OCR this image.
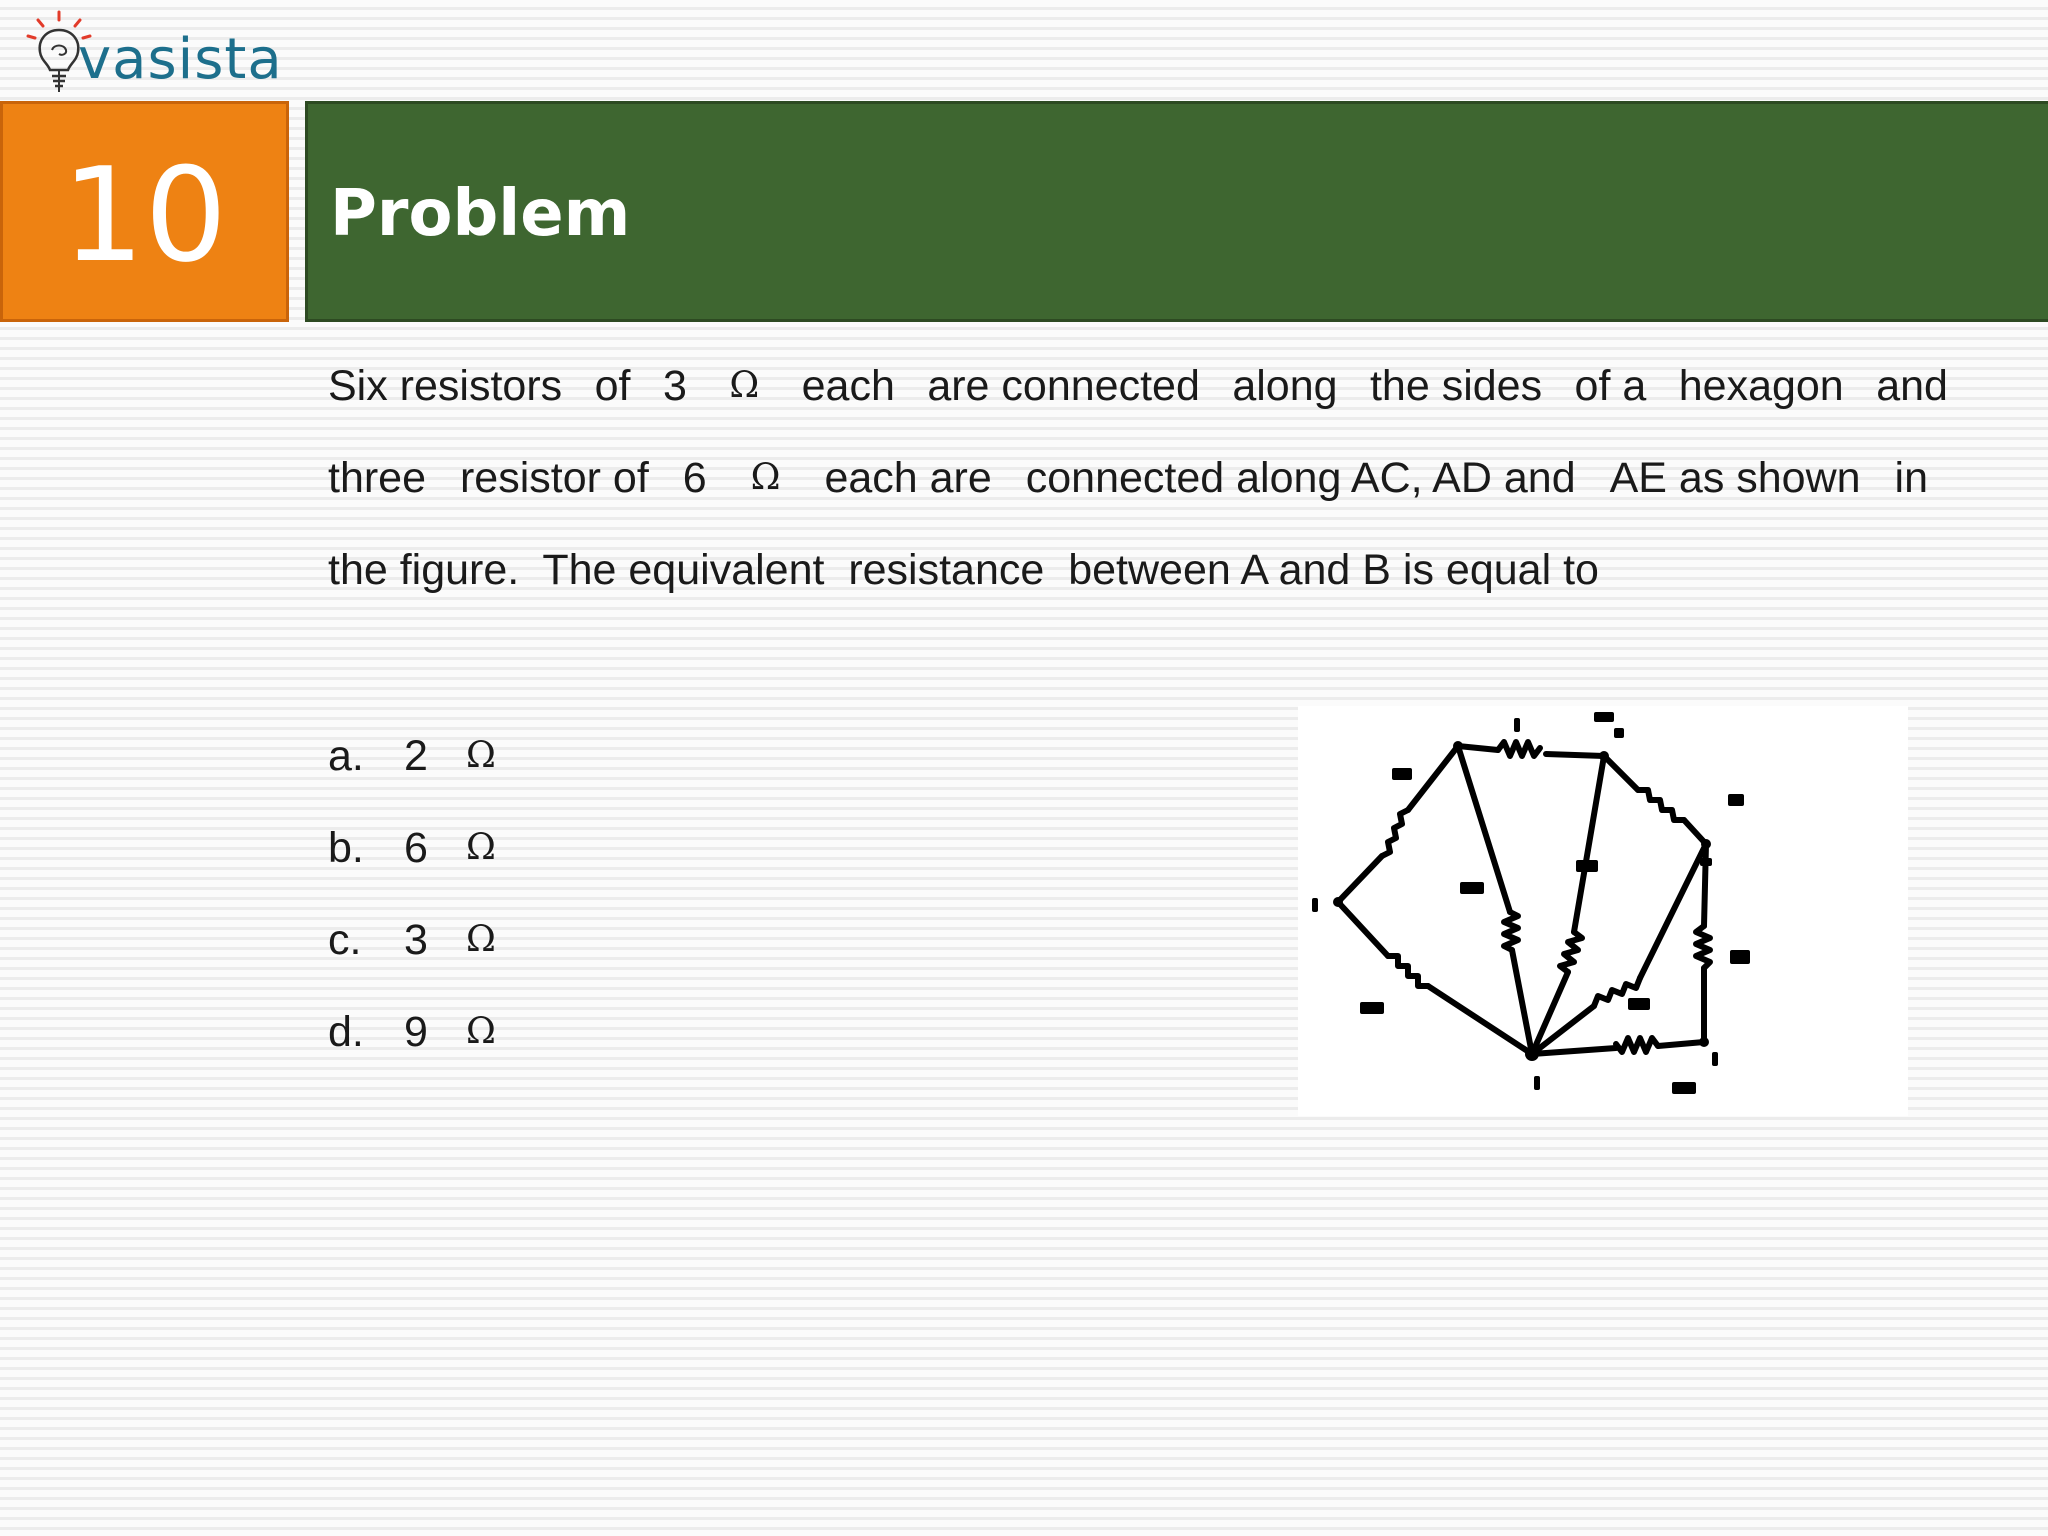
vasista
10 Problem
Six resistors of 3 Ω each are connected along the sides of a hexagon and
three resistor of 6 Ω each are connected along AC, AD and AE as shown in
the figure.  The equivalent  resistance  between A and B is equal to
a. 2	Ω
b. 6	Ω
c. 3	Ω
d. 9	Ω
